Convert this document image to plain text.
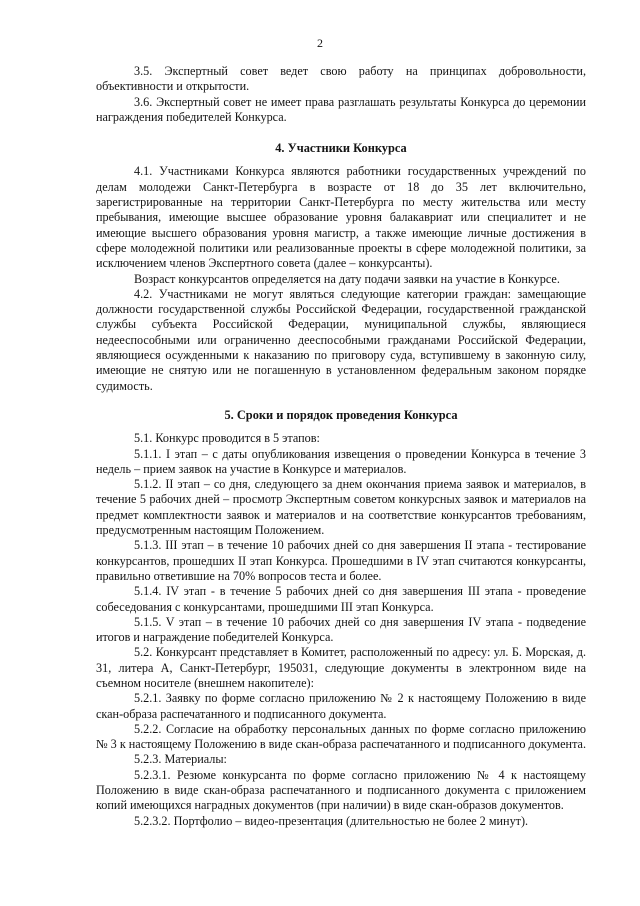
2

3.5. Экспертный совет ведет свою работу на принципах добровольности, объективности и открытости.

3.6. Экспертный совет не имеет права разглашать результаты Конкурса до церемонии награждения победителей Конкурса.

4. Участники Конкурса

4.1. Участниками Конкурса являются работники государственных учреждений по делам молодежи Санкт-Петербурга в возрасте от 18 до 35 лет включительно, зарегистрированные на территории Санкт-Петербурга по месту жительства или месту пребывания, имеющие высшее образование уровня балакавриат или специалитет и не имеющие высшего образования уровня магистр, а также имеющие личные достижения в сфере молодежной политики или реализованные проекты в сфере молодежной политики, за исключением членов Экспертного совета (далее – конкурсанты).

Возраст конкурсантов определяется на дату подачи заявки на участие в Конкурсе.

4.2. Участниками не могут являться следующие категории граждан: замещающие должности государственной службы Российской Федерации, государственной гражданской службы субъекта Российской Федерации, муниципальной службы, являющиеся недееспособными или ограниченно дееспособными гражданами Российской Федерации, являющиеся осужденными к наказанию по приговору суда, вступившему в законную силу, имеющие не снятую или не погашенную в установленном федеральным законом порядке судимость.

5. Сроки и порядок проведения Конкурса

5.1. Конкурс проводится в 5 этапов:

5.1.1. I этап – с даты опубликования извещения о проведении Конкурса в течение 3 недель – прием заявок на участие в Конкурсе и материалов.

5.1.2. II этап – со дня, следующего за днем окончания приема заявок и материалов, в течение 5 рабочих дней – просмотр Экспертным советом конкурсных заявок и материалов на предмет комплектности заявок и материалов и на соответствие конкурсантов требованиям, предусмотренным настоящим Положением.

5.1.3. III этап – в течение 10 рабочих дней со дня завершения II этапа - тестирование конкурсантов, прошедших II этап Конкурса. Прошедшими в IV этап считаются конкурсанты, правильно ответившие на 70% вопросов теста и более.

5.1.4. IV этап - в течение 5 рабочих дней со дня завершения III этапа - проведение собеседования с конкурсантами, прошедшими III этап Конкурса.

5.1.5. V этап – в течение 10 рабочих дней со дня завершения IV этапа - подведение итогов и награждение победителей Конкурса.

5.2. Конкурсант представляет в Комитет, расположенный по адресу: ул. Б. Морская, д. 31, литера А, Санкт-Петербург, 195031, следующие документы в электронном виде на съемном носителе (внешнем накопителе):

5.2.1. Заявку по форме согласно приложению № 2 к настоящему Положению в виде скан-образа распечатанного и подписанного документа.

5.2.2. Согласие на обработку персональных данных по форме согласно приложению № 3 к настоящему Положению в виде скан-образа распечатанного и подписанного документа.

5.2.3. Материалы:

5.2.3.1. Резюме конкурсанта по форме согласно приложению № 4 к настоящему Положению в виде скан-образа распечатанного и подписанного документа с приложением копий имеющихся наградных документов (при наличии) в виде скан-образов документов.

5.2.3.2. Портфолио – видео-презентация (длительностью не более 2 минут).
